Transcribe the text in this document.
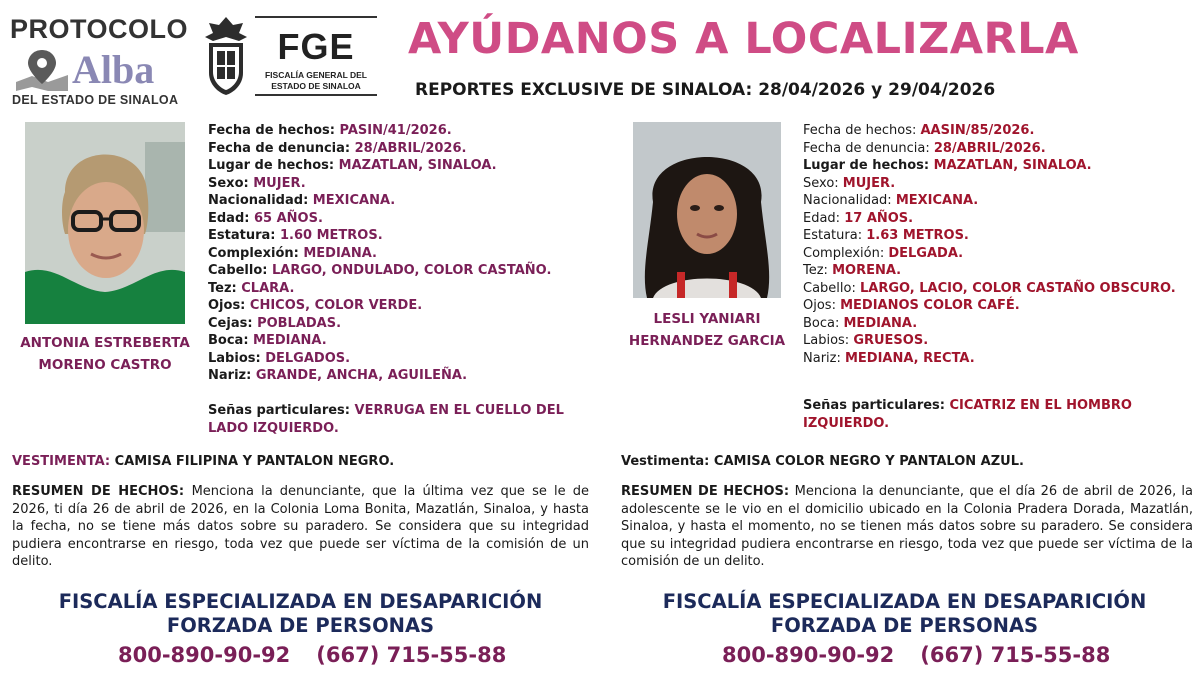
PROTOCOLO
Alba
DEL ESTADO DE SINALOA
FGE
FISCALÍA GENERAL DEL
ESTADO DE SINALOA
AYÚDANOS A LOCALIZARLA
REPORTES EXCLUSIVE DE SINALOA: 28/04/2026 y 29/04/2026
ANTONIA ESTREBERTA
MORENO CASTRO
Fecha de hechos: PASIN/41/2026.
Fecha de denuncia: 28/ABRIL/2026.
Lugar de hechos: MAZATLAN, SINALOA.
Sexo: MUJER.
Nacionalidad: MEXICANA.
Edad: 65 AÑOS.
Estatura: 1.60 METROS.
Complexión: MEDIANA.
Cabello: LARGO, ONDULADO, COLOR CASTAÑO.
Tez: CLARA.
Ojos: CHICOS, COLOR VERDE.
Cejas: POBLADAS.
Boca: MEDIANA.
Labios: DELGADOS.
Nariz: GRANDE, ANCHA, AGUILEÑA.
Señas particulares: VERRUGA EN EL CUELLO DEL
LADO IZQUIERDO.
VESTIMENTA: CAMISA FILIPINA Y PANTALON NEGRO.
RESUMEN DE HECHOS: Menciona la denunciante, que la última vez que se le de 2026, ti día 26 de abril de 2026, en la Colonia Loma Bonita, Mazatlán, Sinaloa, y hasta la fecha, no se tiene más datos sobre su paradero. Se considera que su integridad pudiera encontrarse en riesgo, toda vez que puede ser víctima de la comisión de un delito.
FISCALÍA ESPECIALIZADA EN DESAPARICIÓN
FORZADA DE PERSONAS
800-890-90-92 (667) 715-55-88
LESLI YANIARI
HERNANDEZ GARCIA
Fecha de hechos: AASIN/85/2026.
Fecha de denuncia: 28/ABRIL/2026.
Lugar de hechos: MAZATLAN, SINALOA.
Sexo: MUJER.
Nacionalidad: MEXICANA.
Edad: 17 AÑOS.
Estatura: 1.63 METROS.
Complexión: DELGADA.
Tez: MORENA.
Cabello: LARGO, LACIO, COLOR CASTAÑO OBSCURO.
Ojos: MEDIANOS COLOR CAFÉ.
Boca: MEDIANA.
Labios: GRUESOS.
Nariz: MEDIANA, RECTA.
Señas particulares: CICATRIZ EN EL HOMBRO
IZQUIERDO.
Vestimenta: CAMISA COLOR NEGRO Y PANTALON AZUL.
RESUMEN DE HECHOS: Menciona la denunciante, que el día 26 de abril de 2026, la adolescente se le vio en el domicilio ubicado en la Colonia Pradera Dorada, Mazatlán, Sinaloa, y hasta el momento, no se tienen más datos sobre su paradero. Se considera que su integridad pudiera encontrarse en riesgo, toda vez que puede ser víctima de la comisión de un delito.
FISCALÍA ESPECIALIZADA EN DESAPARICIÓN
FORZADA DE PERSONAS
800-890-90-92 (667) 715-55-88
